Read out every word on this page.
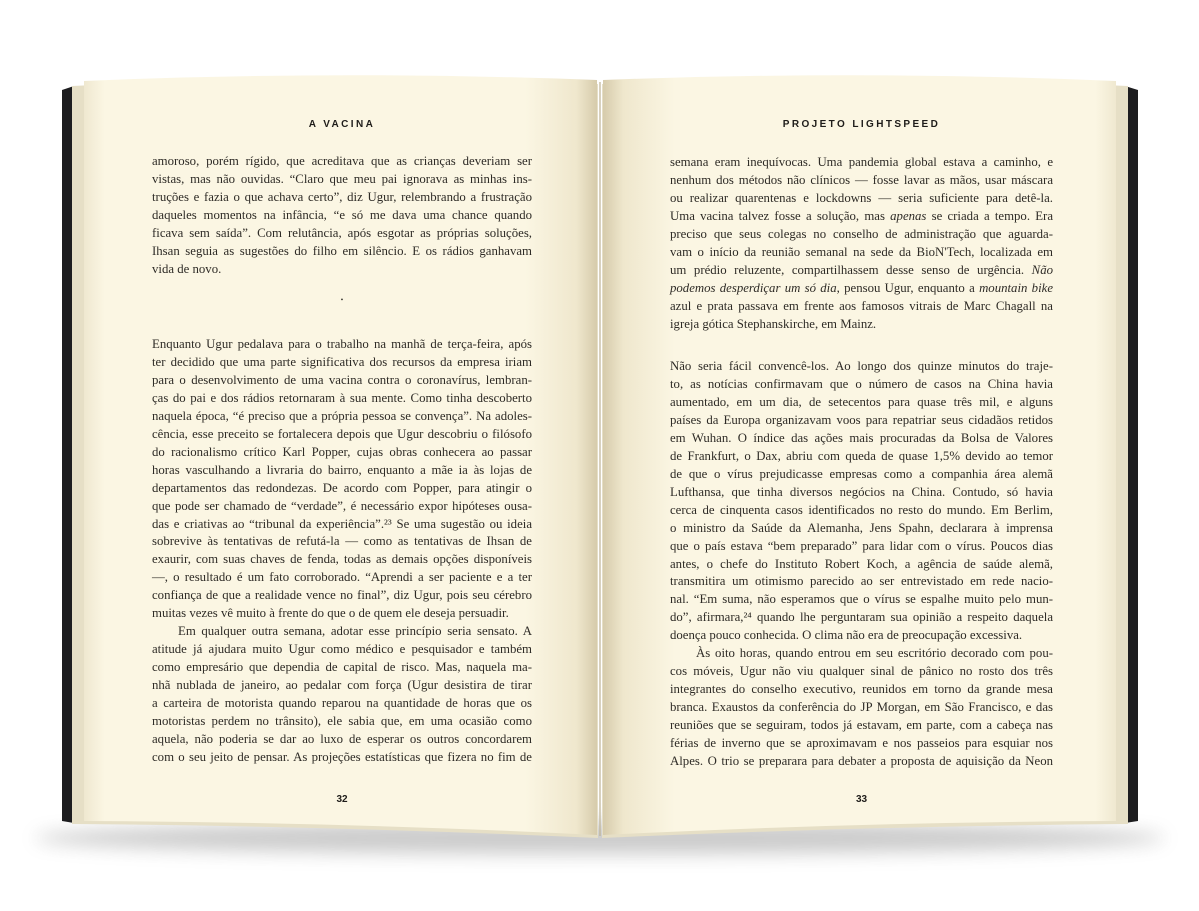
A VACINA
amoroso, porém rígido, que acreditava que as crianças deveriam ser
vistas, mas não ouvidas. “Claro que meu pai ignorava as minhas ins-
truções e fazia o que achava certo”, diz Ugur, relembrando a frustração
daqueles momentos na infância, “e só me dava uma chance quando
ficava sem saída”. Com relutância, após esgotar as próprias soluções,
Ihsan seguia as sugestões do filho em silêncio. E os rádios ganhavam
vida de novo.
•
Enquanto Ugur pedalava para o trabalho na manhã de terça-feira, após
ter decidido que uma parte significativa dos recursos da empresa iriam
para o desenvolvimento de uma vacina contra o coronavírus, lembran-
ças do pai e dos rádios retornaram à sua mente. Como tinha descoberto
naquela época, “é preciso que a própria pessoa se convença”. Na adoles-
cência, esse preceito se fortalecera depois que Ugur descobriu o filósofo
do racionalismo crítico Karl Popper, cujas obras conhecera ao passar
horas vasculhando a livraria do bairro, enquanto a mãe ia às lojas de
departamentos das redondezas. De acordo com Popper, para atingir o
que pode ser chamado de “verdade”, é necessário expor hipóteses ousa-
das e criativas ao “tribunal da experiência”.²³ Se uma sugestão ou ideia
sobrevive às tentativas de refutá-la — como as tentativas de Ihsan de
exaurir, com suas chaves de fenda, todas as demais opções disponíveis
—, o resultado é um fato corroborado. “Aprendi a ser paciente e a ter
confiança de que a realidade vence no final”, diz Ugur, pois seu cérebro
muitas vezes vê muito à frente do que o de quem ele deseja persuadir.
Em qualquer outra semana, adotar esse princípio seria sensato. A
atitude já ajudara muito Ugur como médico e pesquisador e também
como empresário que dependia de capital de risco. Mas, naquela ma-
nhã nublada de janeiro, ao pedalar com força (Ugur desistira de tirar
a carteira de motorista quando reparou na quantidade de horas que os
motoristas perdem no trânsito), ele sabia que, em uma ocasião como
aquela, não poderia se dar ao luxo de esperar os outros concordarem
com o seu jeito de pensar. As projeções estatísticas que fizera no fim de
32
PROJETO LIGHTSPEED
semana eram inequívocas. Uma pandemia global estava a caminho, e
nenhum dos métodos não clínicos — fosse lavar as mãos, usar máscara
ou realizar quarentenas e lockdowns — seria suficiente para detê-la.
Uma vacina talvez fosse a solução, mas apenas se criada a tempo. Era
preciso que seus colegas no conselho de administração que aguarda-
vam o início da reunião semanal na sede da BioN'Tech, localizada em
um prédio reluzente, compartilhassem desse senso de urgência. Não
podemos desperdiçar um só dia, pensou Ugur, enquanto a mountain bike
azul e prata passava em frente aos famosos vitrais de Marc Chagall na
igreja gótica Stephanskirche, em Mainz.
Não seria fácil convencê-los. Ao longo dos quinze minutos do traje-
to, as notícias confirmavam que o número de casos na China havia
aumentado, em um dia, de setecentos para quase três mil, e alguns
países da Europa organizavam voos para repatriar seus cidadãos retidos
em Wuhan. O índice das ações mais procuradas da Bolsa de Valores
de Frankfurt, o Dax, abriu com queda de quase 1,5% devido ao temor
de que o vírus prejudicasse empresas como a companhia área alemã
Lufthansa, que tinha diversos negócios na China. Contudo, só havia
cerca de cinquenta casos identificados no resto do mundo. Em Berlim,
o ministro da Saúde da Alemanha, Jens Spahn, declarara à imprensa
que o país estava “bem preparado” para lidar com o vírus. Poucos dias
antes, o chefe do Instituto Robert Koch, a agência de saúde alemã,
transmitira um otimismo parecido ao ser entrevistado em rede nacio-
nal. “Em suma, não esperamos que o vírus se espalhe muito pelo mun-
do”, afirmara,²⁴ quando lhe perguntaram sua opinião a respeito daquela
doença pouco conhecida. O clima não era de preocupação excessiva.
Às oito horas, quando entrou em seu escritório decorado com pou-
cos móveis, Ugur não viu qualquer sinal de pânico no rosto dos três
integrantes do conselho executivo, reunidos em torno da grande mesa
branca. Exaustos da conferência do JP Morgan, em São Francisco, e das
reuniões que se seguiram, todos já estavam, em parte, com a cabeça nas
férias de inverno que se aproximavam e nos passeios para esquiar nos
Alpes. O trio se preparara para debater a proposta de aquisição da Neon
33
